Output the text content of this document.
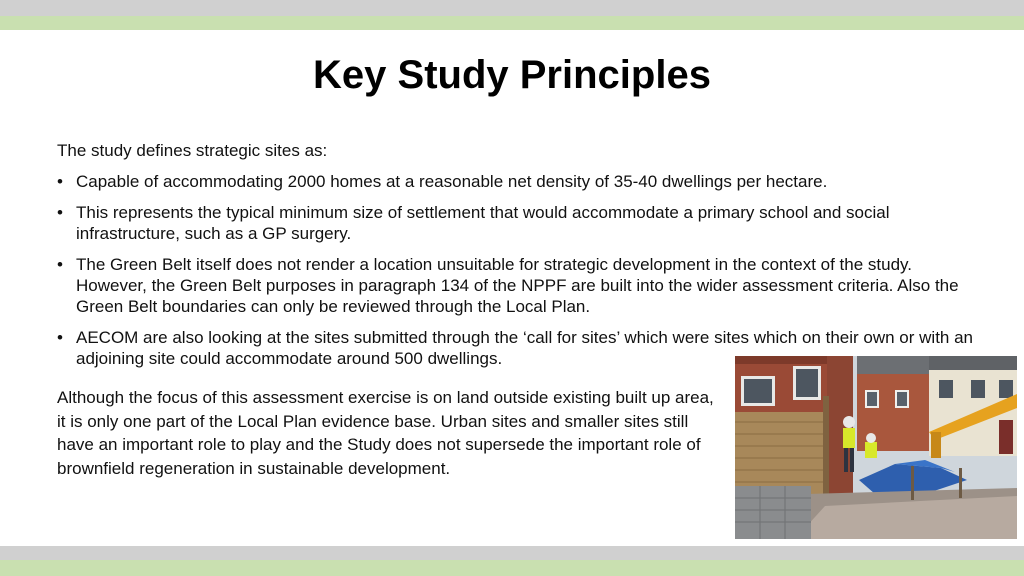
Key Study Principles
The study defines strategic sites as:
• Capable of accommodating 2000 homes at a reasonable net density of 35-40 dwellings per hectare.
• This represents the typical minimum size of settlement that would accommodate a primary school and social infrastructure, such as a GP surgery.
• The Green Belt itself does not render a location unsuitable for strategic development in the context of the study. However, the Green Belt purposes in paragraph 134 of the NPPF are built into the wider assessment criteria. Also the Green Belt boundaries can only be reviewed through the Local Plan.
• AECOM are also looking at the sites submitted through the ‘call for sites’ which were sites which on their own or with an adjoining site could accommodate around 500 dwellings.
Although the focus of this assessment exercise is on land outside existing built up area, it is only one part of the Local Plan evidence base. Urban sites and smaller sites still have an important role to play and the Study does not supersede the important role of brownfield regeneration in sustainable development.
